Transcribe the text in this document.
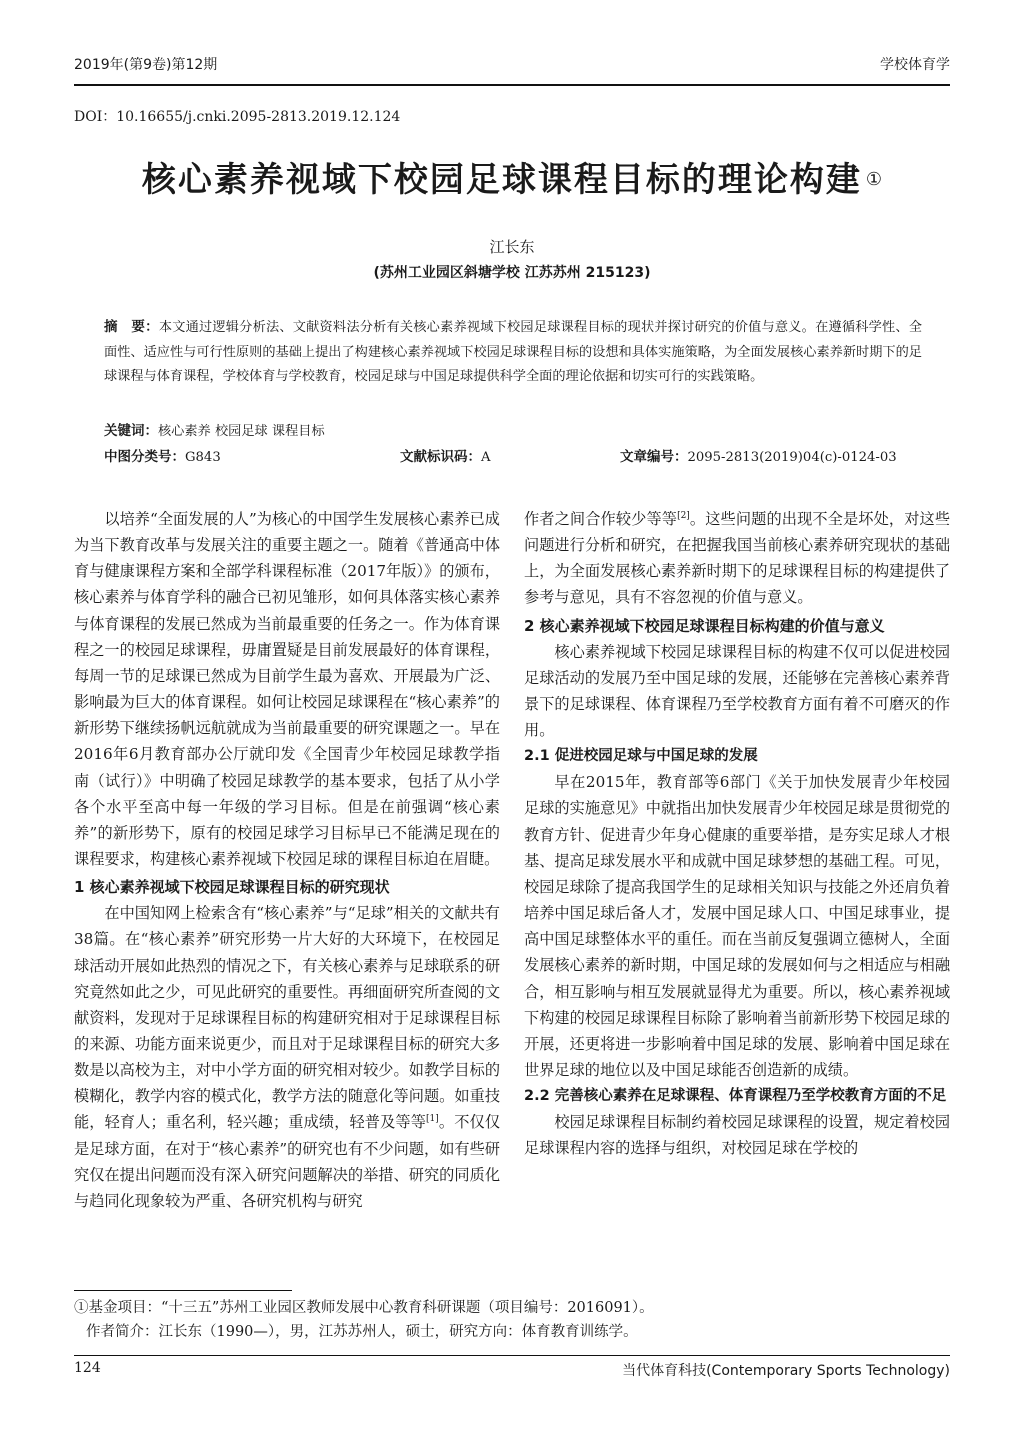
2019年(第9卷)第12期	学校体育学
DOI：10.16655/j.cnki.2095-2813.2019.12.124
核心素养视域下校园足球课程目标的理论构建 ①
江长东
(苏州工业园区斜塘学校 江苏苏州 215123)
摘　要：本文通过逻辑分析法、文献资料法分析有关核心素养视域下校园足球课程目标的现状并探讨研究的价值与意义。在遵循科学性、全面性、适应性与可行性原则的基础上提出了构建核心素养视域下校园足球课程目标的设想和具体实施策略，为全面发展核心素养新时期下的足球课程与体育课程，学校体育与学校教育，校园足球与中国足球提供科学全面的理论依据和切实可行的实践策略。
关键词：核心素养 校园足球 课程目标
中图分类号：G843	文献标识码：A	文章编号：2095-2813(2019)04(c)-0124-03

以培养“全面发展的人”为核心的中国学生发展核心素养已成为当下教育改革与发展关注的重要主题之一。随着《普通高中体育与健康课程方案和全部学科课程标准（2017年版）》的颁布，核心素养与体育学科的融合已初见雏形，如何具体落实核心素养与体育课程的发展已然成为当前最重要的任务之一。作为体育课程之一的校园足球课程，毋庸置疑是目前发展最好的体育课程，每周一节的足球课已然成为目前学生最为喜欢、开展最为广泛、影响最为巨大的体育课程。如何让校园足球课程在“核心素养”的新形势下继续扬帆远航就成为当前最重要的研究课题之一。早在2016年6月教育部办公厅就印发《全国青少年校园足球教学指南（试行）》中明确了校园足球教学的基本要求，包括了从小学各个水平至高中每一年级的学习目标。但是在前强调“核心素养”的新形势下，原有的校园足球学习目标早已不能满足现在的课程要求，构建核心素养视域下校园足球的课程目标迫在眉睫。

1 核心素养视域下校园足球课程目标的研究现状

在中国知网上检索含有“核心素养”与“足球”相关的文献共有38篇。在“核心素养”研究形势一片大好的大环境下，在校园足球活动开展如此热烈的情况之下，有关核心素养与足球联系的研究竟然如此之少，可见此研究的重要性。再细面研究所查阅的文献资料，发现对于足球课程目标的构建研究相对于足球课程目标的来源、功能方面来说更少，而且对于足球课程目标的研究大多数是以高校为主，对中小学方面的研究相对较少。如教学目标的模糊化，教学内容的模式化，教学方法的随意化等问题。如重技能，轻育人；重名利，轻兴趣；重成绩，轻普及等等[1]。不仅仅是足球方面，在对于“核心素养”的研究也有不少问题，如有些研究仅在提出问题而没有深入研究问题解决的举措、研究的同质化与趋同化现象较为严重、各研究机构与研究

作者之间合作较少等等[2]。这些问题的出现不全是坏处，对这些问题进行分析和研究，在把握我国当前核心素养研究现状的基础上，为全面发展核心素养新时期下的足球课程目标的构建提供了参考与意见，具有不容忽视的价值与意义。

2 核心素养视域下校园足球课程目标构建的价值与意义

核心素养视域下校园足球课程目标的构建不仅可以促进校园足球活动的发展乃至中国足球的发展，还能够在完善核心素养背景下的足球课程、体育课程乃至学校教育方面有着不可磨灭的作用。

2.1 促进校园足球与中国足球的发展

早在2015年，教育部等6部门《关于加快发展青少年校园足球的实施意见》中就指出加快发展青少年校园足球是贯彻党的教育方针、促进青少年身心健康的重要举措，是夯实足球人才根基、提高足球发展水平和成就中国足球梦想的基础工程。可见，校园足球除了提高我国学生的足球相关知识与技能之外还肩负着培养中国足球后备人才，发展中国足球人口、中国足球事业，提高中国足球整体水平的重任。而在当前反复强调立德树人，全面发展核心素养的新时期，中国足球的发展如何与之相适应与相融合，相互影响与相互发展就显得尤为重要。所以，核心素养视域下构建的校园足球课程目标除了影响着当前新形势下校园足球的开展，还更将进一步影响着中国足球的发展、影响着中国足球在世界足球的地位以及中国足球能否创造新的成绩。

2.2 完善核心素养在足球课程、体育课程乃至学校教育方面的不足

校园足球课程目标制约着校园足球课程的设置，规定着校园足球课程内容的选择与组织，对校园足球在学校的

①基金项目：“十三五”苏州工业园区教师发展中心教育科研课题（项目编号：2016091）。
作者简介：江长东（1990—），男，江苏苏州人，硕士，研究方向：体育教育训练学。
124	当代体育科技(Contemporary Sports Technology)
